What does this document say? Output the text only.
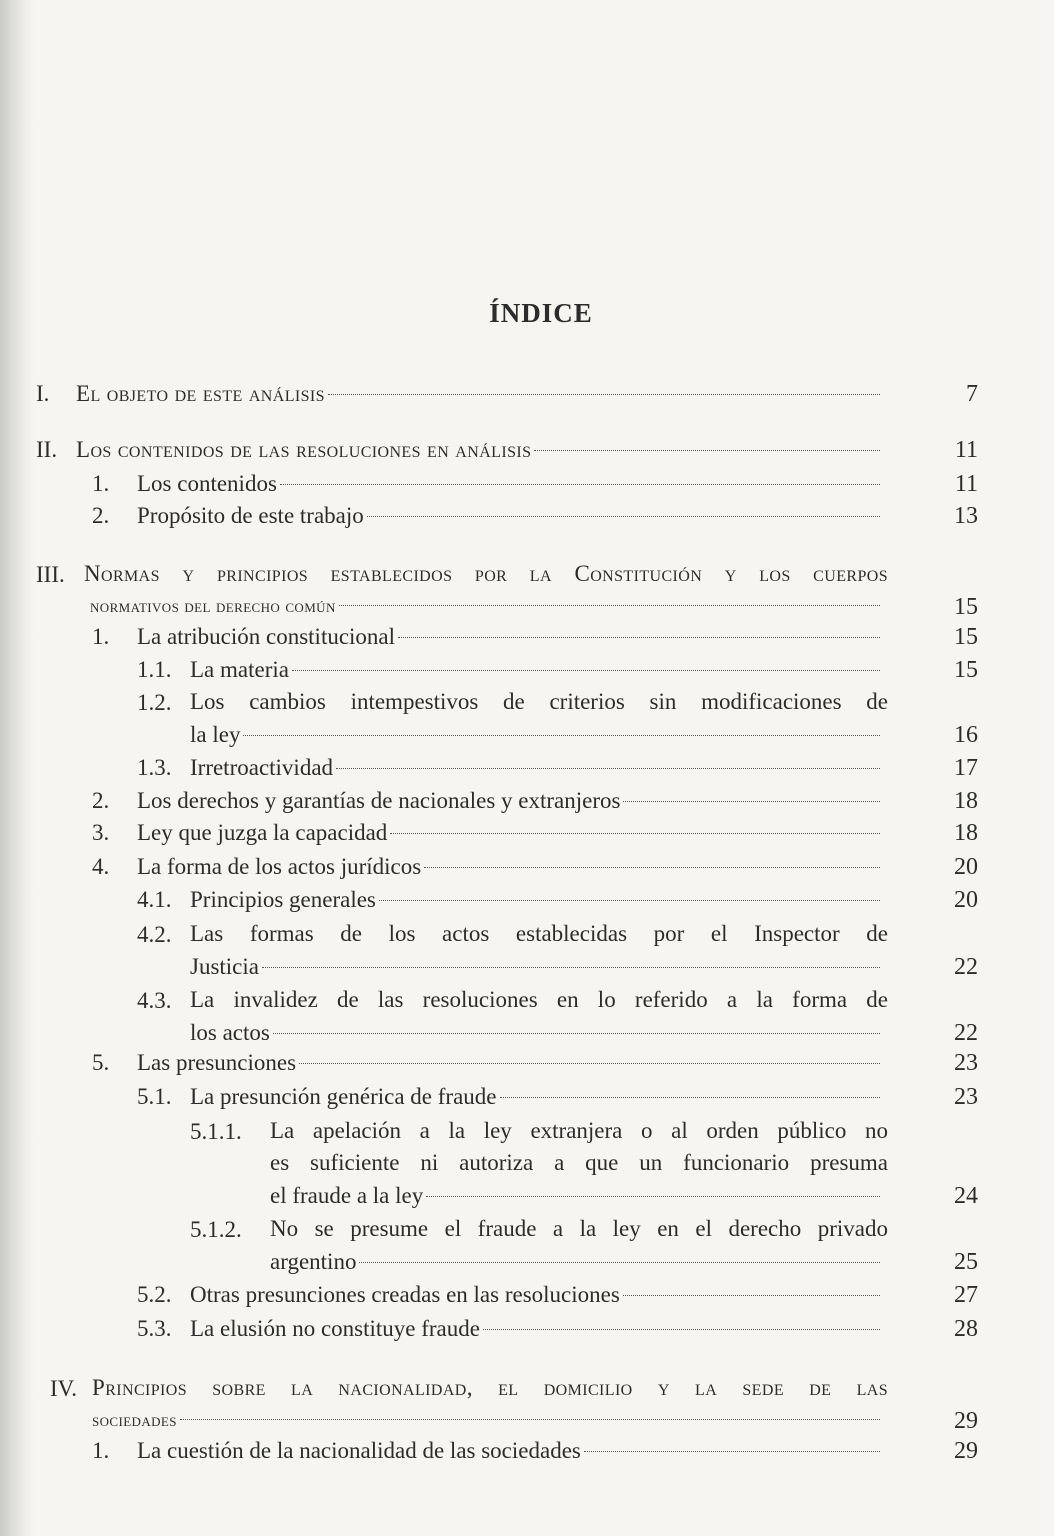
ÍNDICE
I. El objeto de este análisis	7
II. Los contenidos de las resoluciones en análisis	11
1. Los contenidos	11
2. Propósito de este trabajo	13
III. Normas y principios establecidos por la Constitución y los cuerpos
normativos del derecho común	15
1. La atribución constitucional	15
1.1. La materia	15
1.2. Los cambios intempestivos de criterios sin modificaciones de
la ley	16
1.3. Irretroactividad	17
2. Los derechos y garantías de nacionales y extranjeros	18
3. Ley que juzga la capacidad	18
4. La forma de los actos jurídicos	20
4.1. Principios generales	20
4.2. Las formas de los actos establecidas por el Inspector de
Justicia	22
4.3. La invalidez de las resoluciones en lo referido a la forma de
los actos	22
5. Las presunciones	23
5.1. La presunción genérica de fraude	23
5.1.1. La apelación a la ley extranjera o al orden público no
es suficiente ni autoriza a que un funcionario presuma
el fraude a la ley	24
5.1.2. No se presume el fraude a la ley en el derecho privado
argentino	25
5.2. Otras presunciones creadas en las resoluciones	27
5.3. La elusión no constituye fraude	28
IV. Principios sobre la nacionalidad, el domicilio y la sede de las
sociedades	29
1. La cuestión de la nacionalidad de las sociedades	29
